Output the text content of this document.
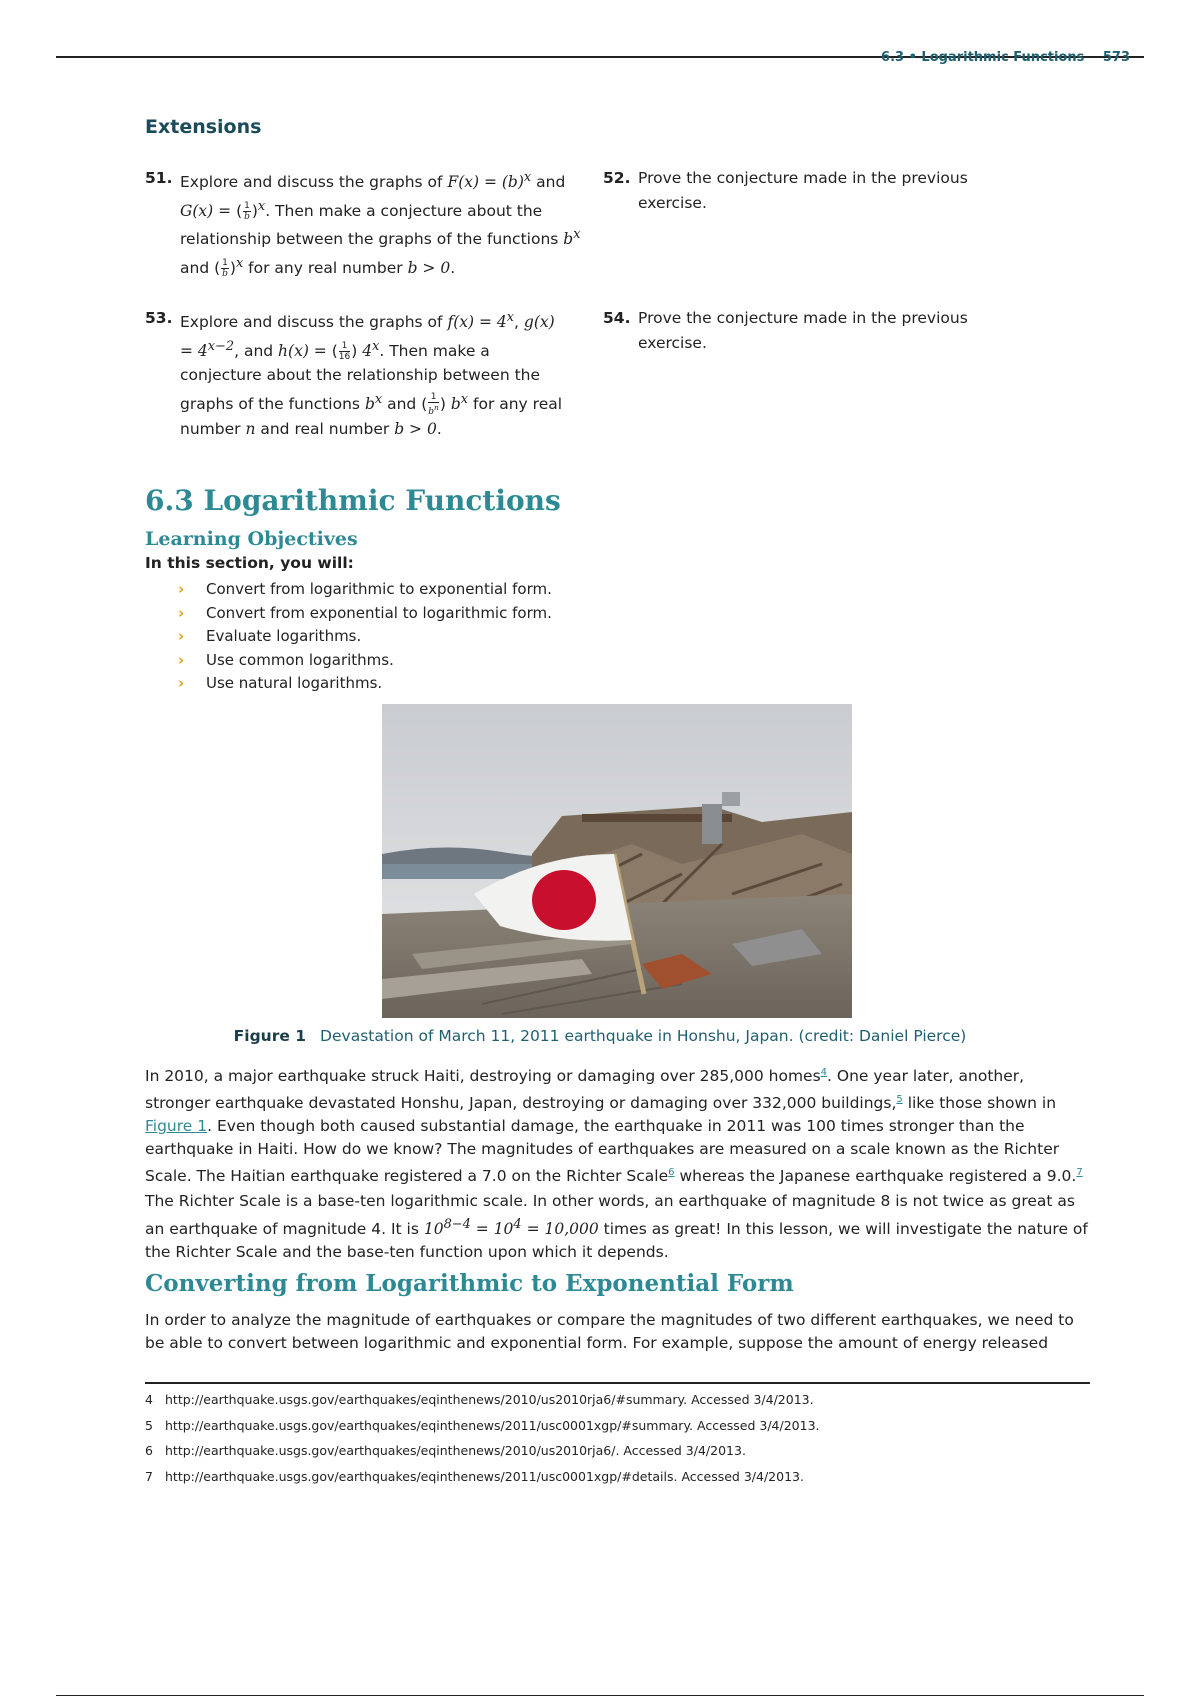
6.3 • Logarithmic Functions 573
Extensions
51. Explore and discuss the graphs of $F(x) = (b)^x$ and G(x) = ( $\frac{1}{b} )^x$. Then make a conjecture about the relationship between the graphs of the functions $b^x$ and ( $\frac{1}{b} )^x$ for any real number b > 0.
52. Prove the conjecture made in the previous exercise.
53. Explore and discuss the graphs of $f(x) = 4^x$, $g(x) = 4^{x-2}$, and h(x) = ( $\frac{1}{16}$ ) 4$^x$. Then make a conjecture about the relationship between the graphs of the functions $b^x$ and ( $\frac{1}{b^n}$ ) $b^x$ for any real number n and real number b > 0.
54. Prove the conjecture made in the previous exercise.
6.3 Logarithmic Functions
Learning Objectives
In this section, you will:
› Convert from logarithmic to exponential form.
› Convert from exponential to logarithmic form.
› Evaluate logarithms.
› Use common logarithms.
› Use natural logarithms.
Figure 1 Devastation of March 11, 2011 earthquake in Honshu, Japan. (credit: Daniel Pierce)
In 2010, a major earthquake struck Haiti, destroying or damaging over 285,000 homes$^4$. One year later, another, stronger earthquake devastated Honshu, Japan, destroying or damaging over 332,000 buildings,$^5$ like those shown in Figure 1. Even though both caused substantial damage, the earthquake in 2011 was 100 times stronger than the earthquake in Haiti. How do we know? The magnitudes of earthquakes are measured on a scale known as the Richter Scale. The Haitian earthquake registered a 7.0 on the Richter Scale$^6$ whereas the Japanese earthquake registered a 9.0.$^7$
The Richter Scale is a base-ten logarithmic scale. In other words, an earthquake of magnitude 8 is not twice as great as an earthquake of magnitude 4. It is $10^{8-4} = 10^4 = 10,000$ times as great! In this lesson, we will investigate the nature of the Richter Scale and the base-ten function upon which it depends.
Converting from Logarithmic to Exponential Form
In order to analyze the magnitude of earthquakes or compare the magnitudes of two different earthquakes, we need to be able to convert between logarithmic and exponential form. For example, suppose the amount of energy released
4 http://earthquake.usgs.gov/earthquakes/eqinthenews/2010/us2010rja6/#summary. Accessed 3/4/2013.
5 http://earthquake.usgs.gov/earthquakes/eqinthenews/2011/usc0001xgp/#summary. Accessed 3/4/2013.
6 http://earthquake.usgs.gov/earthquakes/eqinthenews/2010/us2010rja6/. Accessed 3/4/2013.
7 http://earthquake.usgs.gov/earthquakes/eqinthenews/2011/usc0001xgp/#details. Accessed 3/4/2013.
